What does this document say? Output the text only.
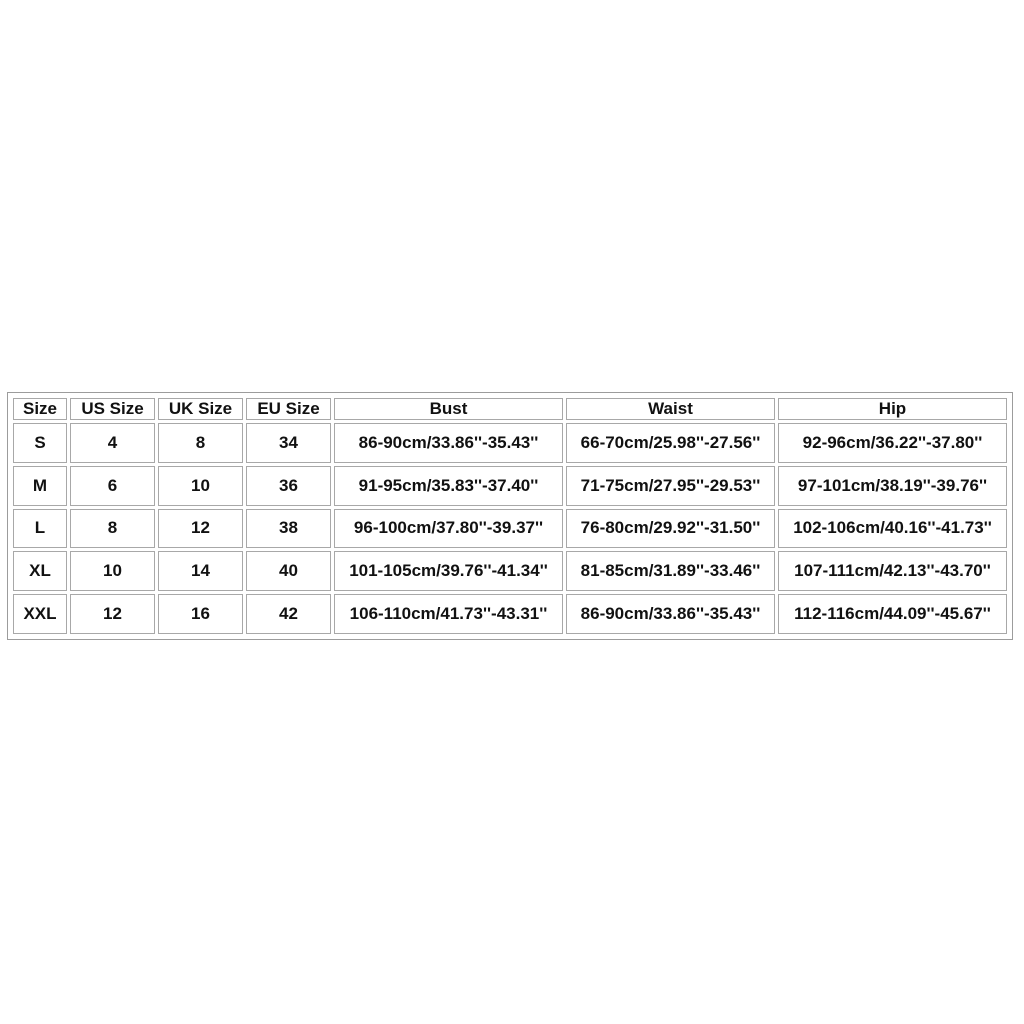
Size	US Size	UK Size	EU Size	Bust	Waist	Hip
S	4	8	34	86-90cm/33.86''-35.43''	66-70cm/25.98''-27.56''	92-96cm/36.22''-37.80''
M	6	10	36	91-95cm/35.83''-37.40''	71-75cm/27.95''-29.53''	97-101cm/38.19''-39.76''
L	8	12	38	96-100cm/37.80''-39.37''	76-80cm/29.92''-31.50''	102-106cm/40.16''-41.73''
XL	10	14	40	101-105cm/39.76''-41.34''	81-85cm/31.89''-33.46''	107-111cm/42.13''-43.70''
XXL	12	16	42	106-110cm/41.73''-43.31''	86-90cm/33.86''-35.43''	112-116cm/44.09''-45.67''
